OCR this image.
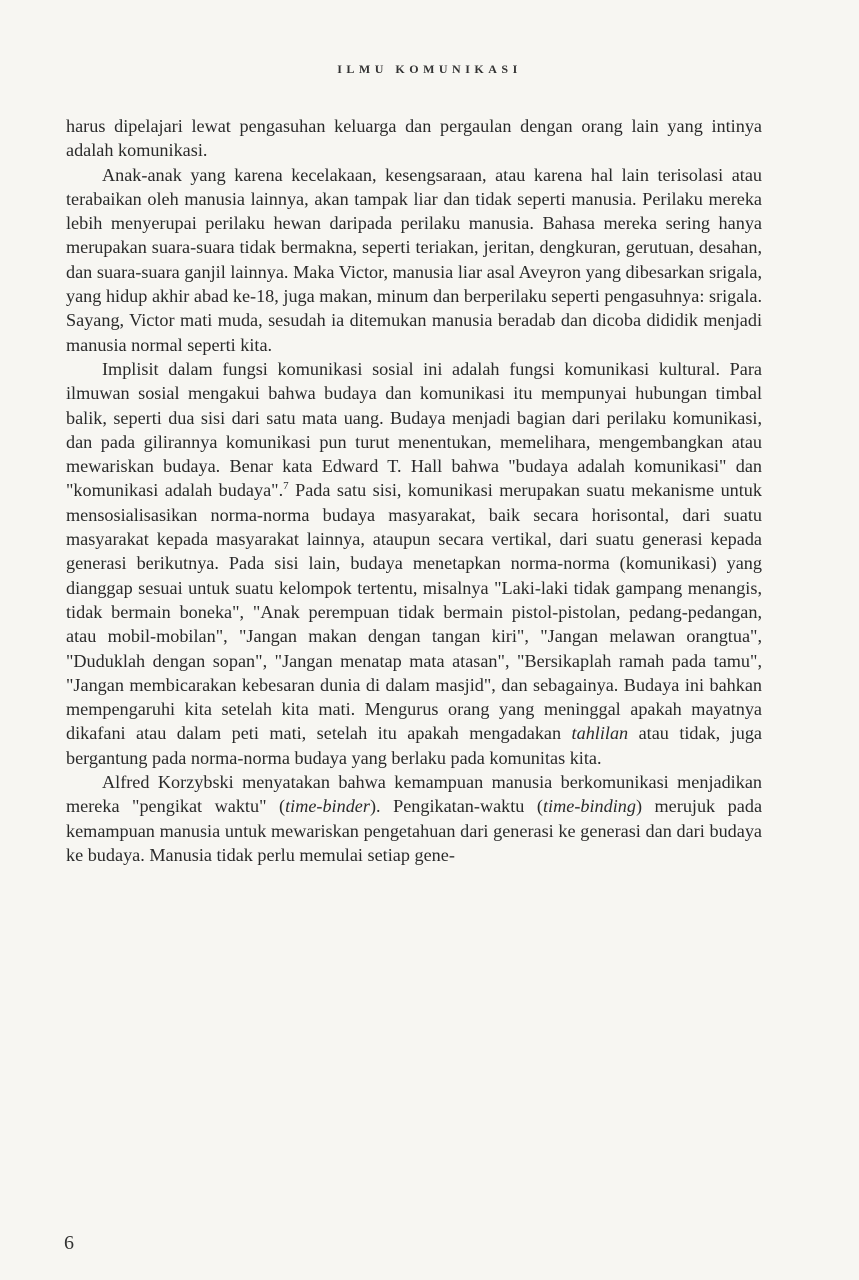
ILMU KOMUNIKASI

harus dipelajari lewat pengasuhan keluarga dan pergaulan dengan orang lain yang intinya adalah komunikasi.

Anak-anak yang karena kecelakaan, kesengsaraan, atau karena hal lain terisolasi atau terabaikan oleh manusia lainnya, akan tampak liar dan tidak seperti manusia. Perilaku mereka lebih menyerupai perilaku hewan daripada perilaku manusia. Bahasa mereka sering hanya merupakan suara-suara tidak bermakna, seperti teriakan, jeritan, dengkuran, gerutuan, desahan, dan suara-suara ganjil lainnya. Maka Victor, manusia liar asal Aveyron yang dibesarkan srigala, yang hidup akhir abad ke-18, juga makan, minum dan berperilaku seperti pengasuhnya: srigala. Sayang, Victor mati muda, sesudah ia ditemukan manusia beradab dan dicoba dididik menjadi manusia normal seperti kita.

Implisit dalam fungsi komunikasi sosial ini adalah fungsi komunikasi kultural. Para ilmuwan sosial mengakui bahwa budaya dan komunikasi itu mempunyai hubungan timbal balik, seperti dua sisi dari satu mata uang. Budaya menjadi bagian dari perilaku komunikasi, dan pada gilirannya komunikasi pun turut menentukan, memelihara, mengembangkan atau mewariskan budaya. Benar kata Edward T. Hall bahwa "budaya adalah komunikasi" dan "komunikasi adalah budaya".$^7$ Pada satu sisi, komunikasi merupakan suatu mekanisme untuk mensosialisasikan norma-norma budaya masyarakat, baik secara horisontal, dari suatu masyarakat kepada masyarakat lainnya, ataupun secara vertikal, dari suatu generasi kepada generasi berikutnya. Pada sisi lain, budaya menetapkan norma-norma (komunikasi) yang dianggap sesuai untuk suatu kelompok tertentu, misalnya "Laki-laki tidak gampang menangis, tidak bermain boneka", "Anak perempuan tidak bermain pistol-pistolan, pedang-pedangan, atau mobil-mobilan", "Jangan makan dengan tangan kiri", "Jangan melawan orangtua", "Duduklah dengan sopan", "Jangan menatap mata atasan", "Bersikaplah ramah pada tamu", "Jangan membicarakan kebesaran dunia di dalam masjid", dan sebagainya. Budaya ini bahkan mempengaruhi kita setelah kita mati. Mengurus orang yang meninggal apakah mayatnya dikafani atau dalam peti mati, setelah itu apakah mengadakan tahlilan atau tidak, juga bergantung pada norma-norma budaya yang berlaku pada komunitas kita.

Alfred Korzybski menyatakan bahwa kemampuan manusia berkomunikasi menjadikan mereka "pengikat waktu" (time-binder). Pengikatan-waktu (time-binding) merujuk pada kemampuan manusia untuk mewariskan pengetahuan dari generasi ke generasi dan dari budaya ke budaya. Manusia tidak perlu memulai setiap gene-

6
